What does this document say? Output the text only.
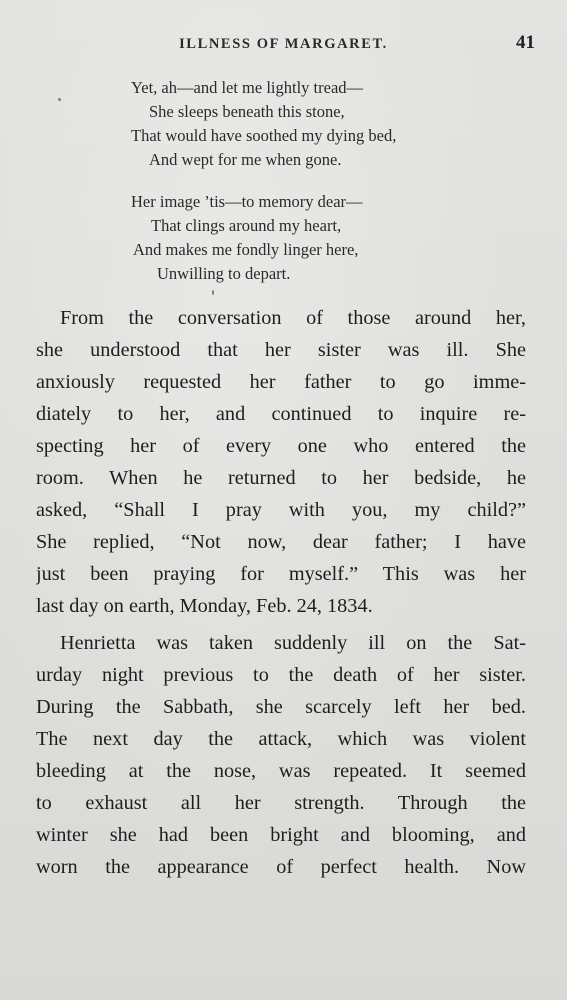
ILLNESS OF MARGARET.	41
Yet, ah—and let me lightly tread—
She sleeps beneath this stone,
That would have soothed my dying bed,
And wept for me when gone.
Her image ’tis—to memory dear—
That clings around my heart,
And makes me fondly linger here,
Unwilling to depart.
From the conversation of those around her,
she understood that her sister was ill. She
anxiously requested her father to go imme-
diately to her, and continued to inquire re-
specting her of every one who entered the
room. When he returned to her bedside, he
asked, “Shall I pray with you, my child?”
She replied, “Not now, dear father; I have
just been praying for myself.” This was her
last day on earth, Monday, Feb. 24, 1834.
Henrietta was taken suddenly ill on the Sat-
urday night previous to the death of her sister.
During the Sabbath, she scarcely left her bed.
The next day the attack, which was violent
bleeding at the nose, was repeated. It seemed
to exhaust all her strength. Through the
winter she had been bright and blooming, and
worn the appearance of perfect health. Now
